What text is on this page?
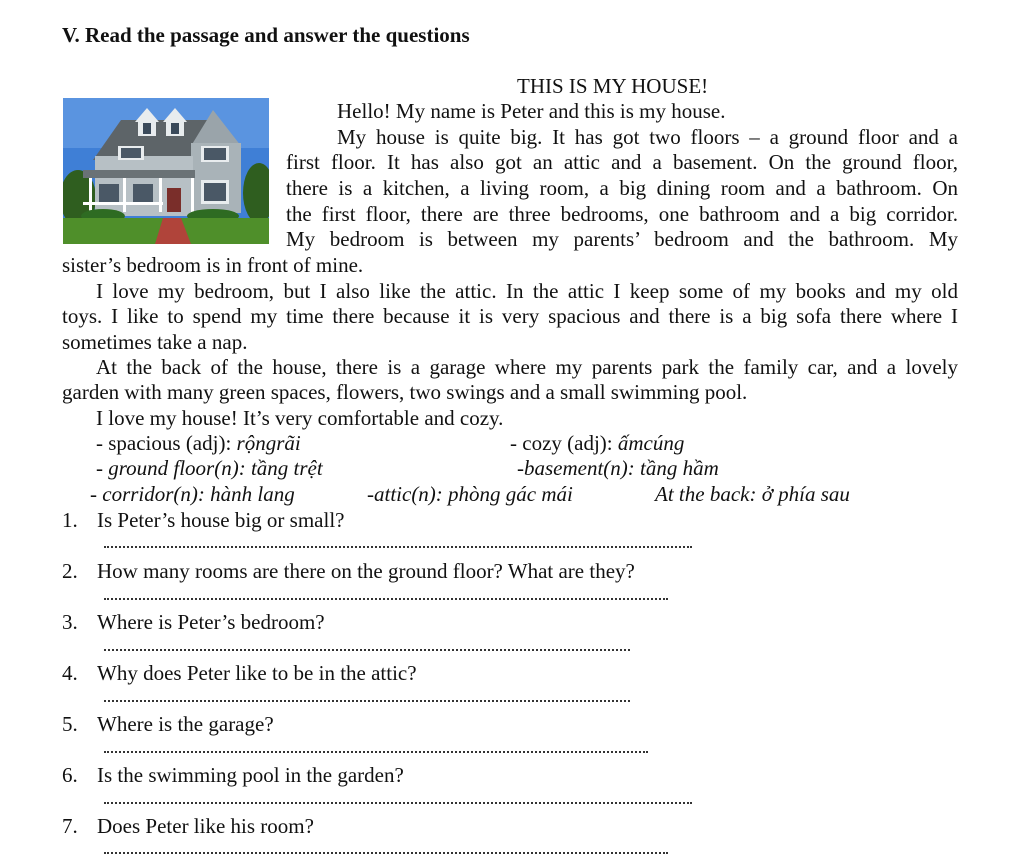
V. Read the passage and answer the questions
THIS IS MY HOUSE!
Hello! My name is Peter and this is my house.
My house is quite big. It has got two floors – a ground floor and a
first floor. It has also got an attic and a basement. On the ground floor,
there is a kitchen, a living room, a big dining room and a bathroom. On
the first floor, there are three bedrooms, one bathroom and a big corridor.
My bedroom is between my parents’ bedroom and the bathroom. My
sister’s bedroom is in front of mine.
I love my bedroom, but I also like the attic. In the attic I keep some of my books and my old
toys. I like to spend my time there because it is very spacious and there is a big sofa there where I
sometimes take a nap.
At the back of the house, there is a garage where my parents park the family car, and a lovely
garden with many green spaces, flowers, two swings and a small swimming pool.
I love my house! It’s very comfortable and cozy.
- spacious (adj): rộngrãi	- cozy (adj): ấmcúng
- ground floor(n): tầng trệt	-basement(n): tầng hầm
- corridor(n): hành lang	-attic(n): phòng gác mái	At the back: ở phía sau
1. Is Peter’s house big or small?
2. How many rooms are there on the ground floor? What are they?
3. Where is Peter’s bedroom?
4. Why does Peter like to be in the attic?
5. Where is the garage?
6. Is the swimming pool in the garden?
7. Does Peter like his room?
